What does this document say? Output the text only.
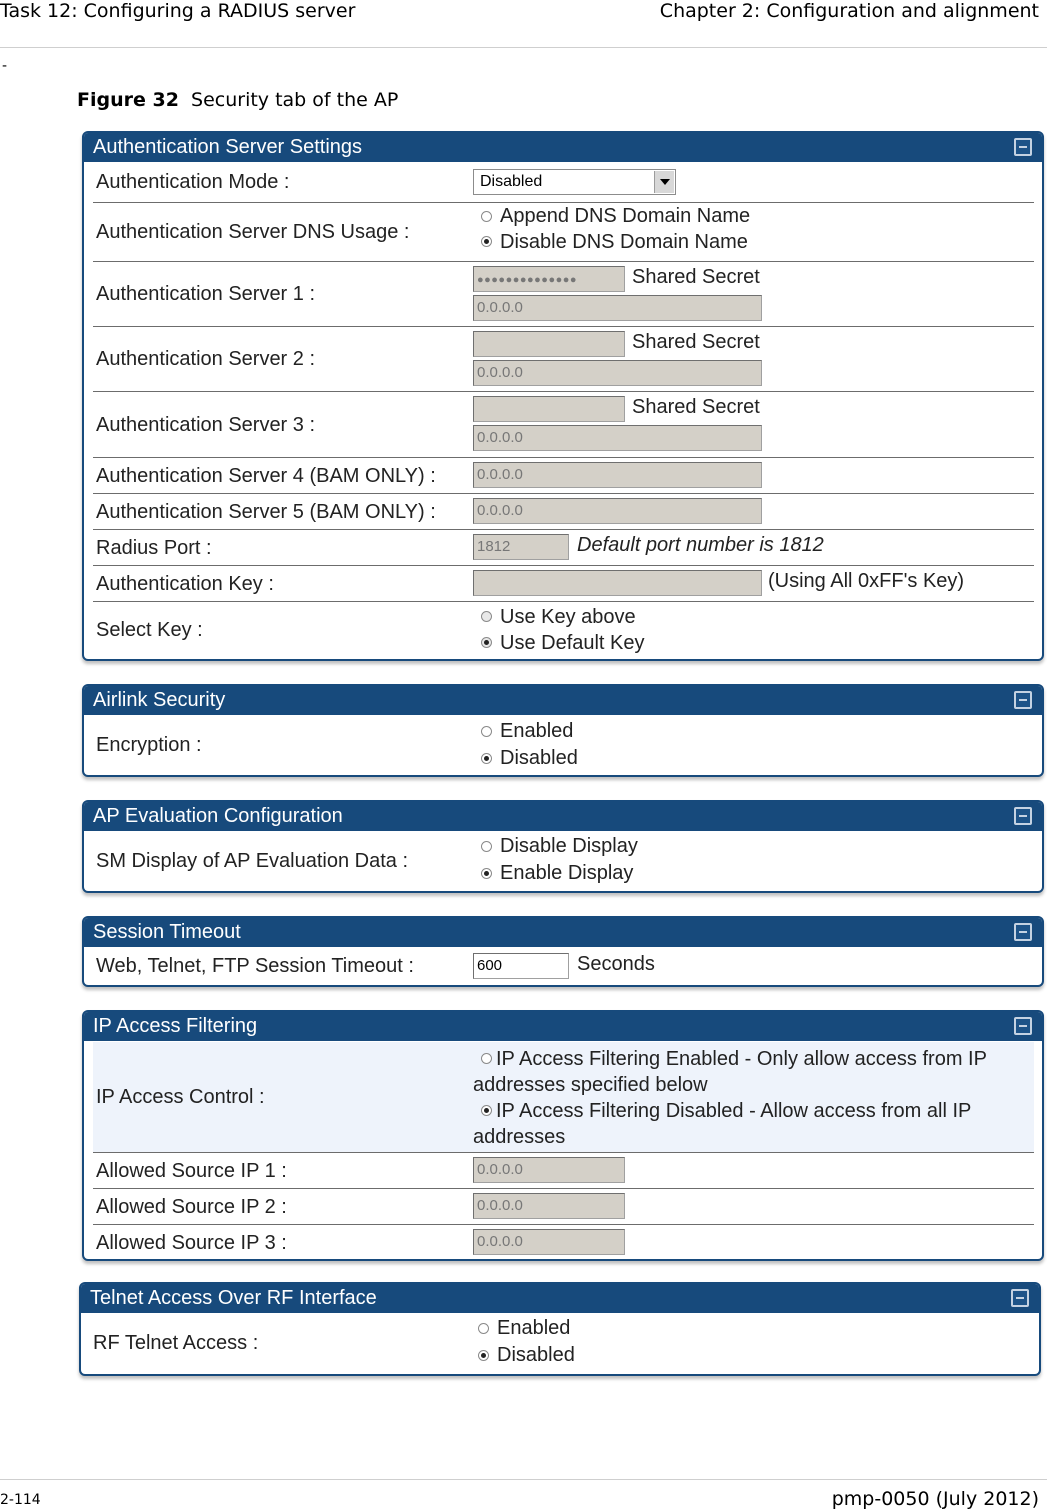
Task 12: Configuring a RADIUS server	Chapter 2: Configuration and alignment
-
Figure 32 Security tab of the AP
Authentication Server Settings
Authentication Mode :	Disabled
Authentication Server DNS Usage :
Append DNS Domain Name
Disable DNS Domain Name
Authentication Server 1 :
●●●●●●●●●●●●●●	Shared Secret
0.0.0.0
Authentication Server 2 :
Shared Secret
0.0.0.0
Authentication Server 3 :
Shared Secret
0.0.0.0
Authentication Server 4 (BAM ONLY) :	0.0.0.0
Authentication Server 5 (BAM ONLY) :	0.0.0.0
Radius Port :	1812	Default port number is 1812
Authentication Key :	(Using All 0xFF's Key)
Select Key :
Use Key above
Use Default Key
Airlink Security
Encryption :
Enabled
Disabled
AP Evaluation Configuration
SM Display of AP Evaluation Data :
Disable Display
Enable Display
Session Timeout
Web, Telnet, FTP Session Timeout :	600	Seconds
IP Access Filtering
IP Access Control :
IP Access Filtering Enabled - Only allow access from IP addresses specified below
IP Access Filtering Disabled - Allow access from all IP addresses
Allowed Source IP 1 :	0.0.0.0
Allowed Source IP 2 :	0.0.0.0
Allowed Source IP 3 :	0.0.0.0
Telnet Access Over RF Interface
RF Telnet Access :
Enabled
Disabled
2-114	pmp-0050 (July 2012)
